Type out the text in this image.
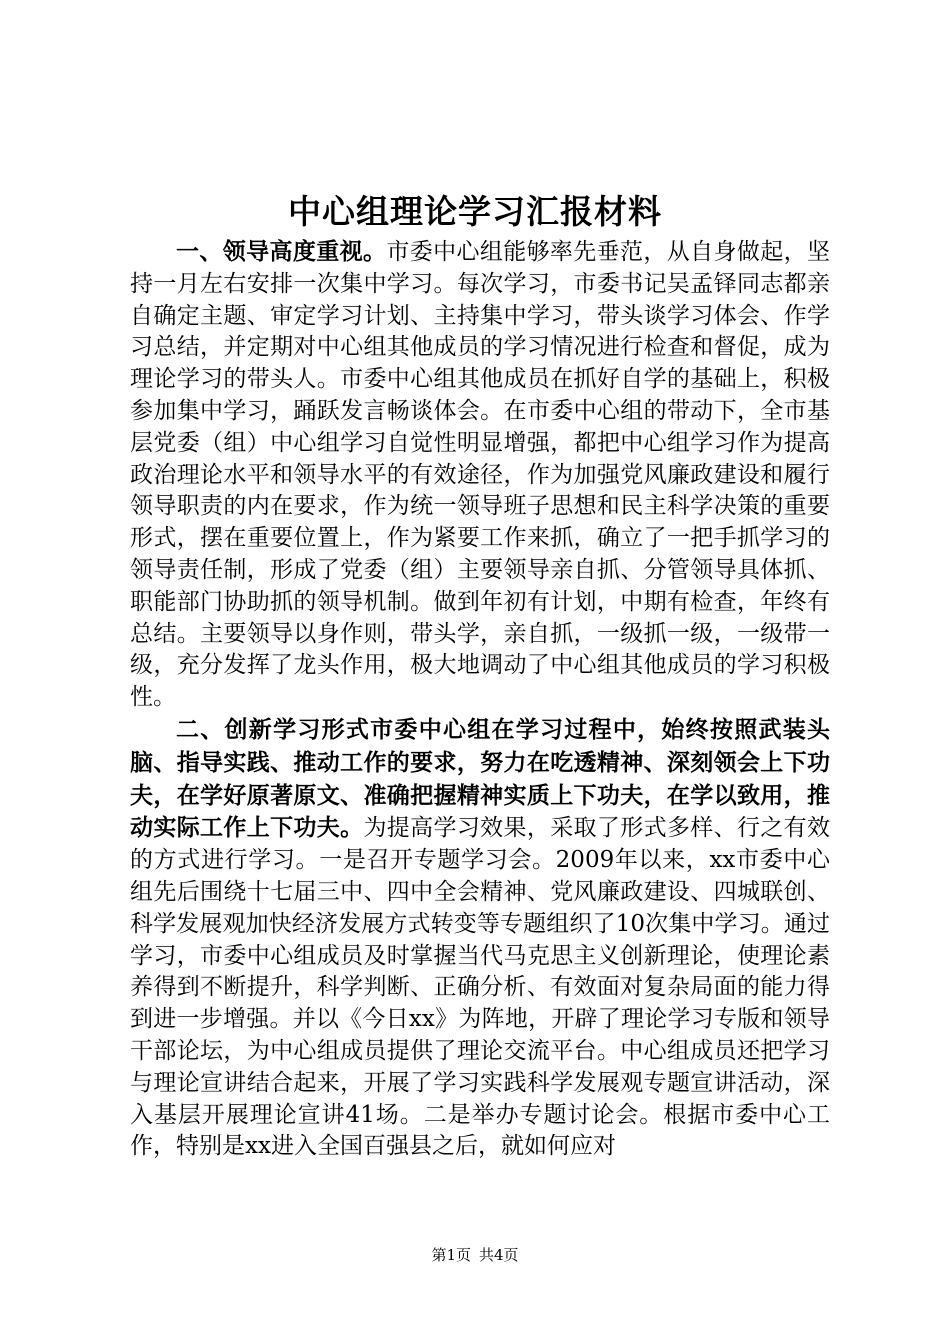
中心组理论学习汇报材料

一、领导高度重视。市委中心组能够率先垂范，从自身做起，坚持一月左右安排一次集中学习。每次学习，市委书记吴孟铎同志都亲自确定主题、审定学习计划、主持集中学习，带头谈学习体会、作学习总结，并定期对中心组其他成员的学习情况进行检查和督促，成为理论学习的带头人。市委中心组其他成员在抓好自学的基础上，积极参加集中学习，踊跃发言畅谈体会。在市委中心组的带动下，全市基层党委（组）中心组学习自觉性明显增强，都把中心组学习作为提高政治理论水平和领导水平的有效途径，作为加强党风廉政建设和履行领导职责的内在要求，作为统一领导班子思想和民主科学决策的重要形式，摆在重要位置上，作为紧要工作来抓，确立了一把手抓学习的领导责任制，形成了党委（组）主要领导亲自抓、分管领导具体抓、职能部门协助抓的领导机制。做到年初有计划，中期有检查，年终有总结。主要领导以身作则，带头学，亲自抓，一级抓一级，一级带一级，充分发挥了龙头作用，极大地调动了中心组其他成员的学习积极性。

二、创新学习形式市委中心组在学习过程中，始终按照武装头脑、指导实践、推动工作的要求，努力在吃透精神、深刻领会上下功夫，在学好原著原文、准确把握精神实质上下功夫，在学以致用，推动实际工作上下功夫。为提高学习效果，采取了形式多样、行之有效的方式进行学习。一是召开专题学习会。2009年以来，xx市委中心组先后围绕十七届三中、四中全会精神、党风廉政建设、四城联创、科学发展观加快经济发展方式转变等专题组织了10次集中学习。通过学习，市委中心组成员及时掌握当代马克思主义创新理论，使理论素养得到不断提升，科学判断、正确分析、有效面对复杂局面的能力得到进一步增强。并以《今日xx》为阵地，开辟了理论学习专版和领导干部论坛，为中心组成员提供了理论交流平台。中心组成员还把学习与理论宣讲结合起来，开展了学习实践科学发展观专题宣讲活动，深入基层开展理论宣讲41场。二是举办专题讨论会。根据市委中心工作，特别是xx进入全国百强县之后，就如何应对

第1页 共4页
